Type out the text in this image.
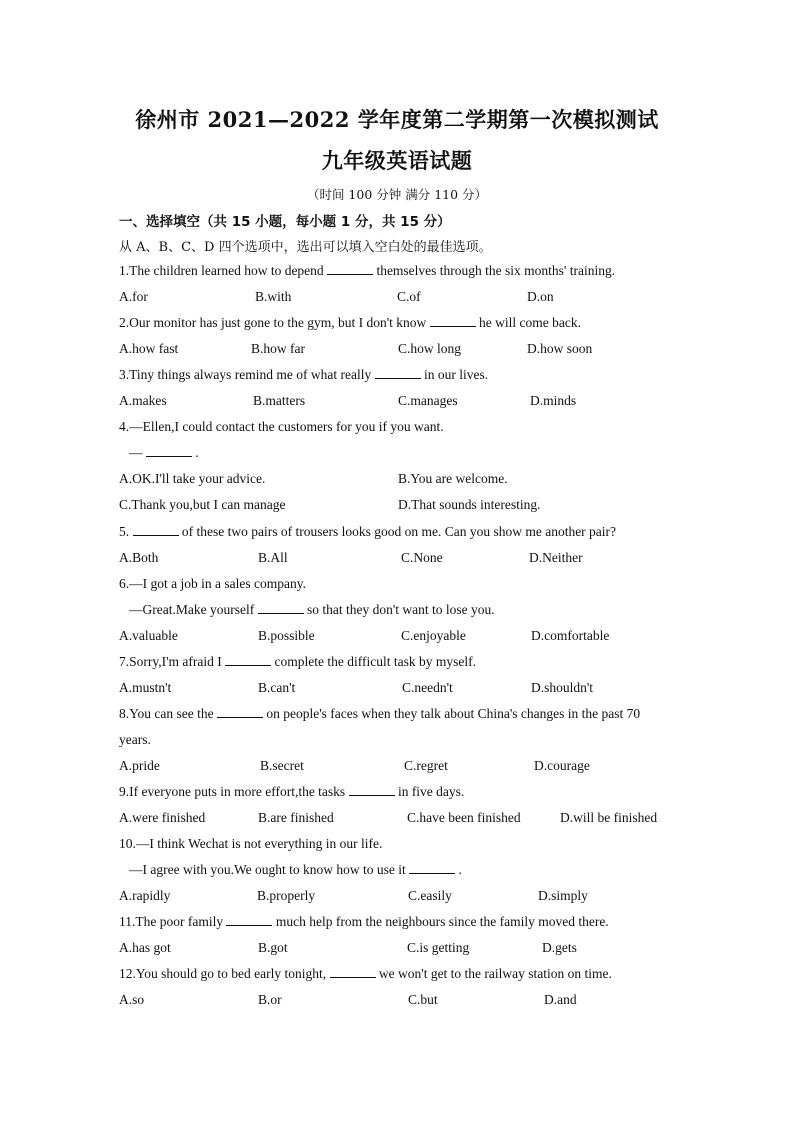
徐州市 2021—2022 学年度第二学期第一次模拟测试
九年级英语试题
（时间 100 分钟 满分 110 分）
一、选择填空（共 15 小题，每小题 1 分，共 15 分）
从 A、B、C、D 四个选项中，选出可以填入空白处的最佳选项。
1.The children learned how to depend	themselves through the six months' training.
A.for	B.with	C.of	D.on
2.Our monitor has just gone to the gym, but I don't know	he will come back.
A.how fast	B.how far	C.how long	D.how soon
3.Tiny things always remind me of what really	in our lives.
A.makes	B.matters	C.manages	D.minds
4.—Ellen,I could contact the customers for you if you want.
—	.
A.OK.I'll take your advice.	B.You are welcome.
C.Thank you,but I can manage	D.That sounds interesting.
5.	of these two pairs of trousers looks good on me. Can you show me another pair?
A.Both	B.All	C.None	D.Neither
6.—I got a job in a sales company.
—Great.Make yourself	so that they don't want to lose you.
A.valuable	B.possible	C.enjoyable	D.comfortable
7.Sorry,I'm afraid I	complete the difficult task by myself.
A.mustn't	B.can't	C.needn't	D.shouldn't
8.You can see the	on people's faces when they talk about China's changes in the past 70
years.
A.pride	B.secret	C.regret	D.courage
9.If everyone puts in more effort,the tasks	in five days.
A.were finished	B.are finished	C.have been finished	D.will be finished
10.—I think Wechat is not everything in our life.
—I agree with you.We ought to know how to use it	.
A.rapidly	B.properly	C.easily	D.simply
11.The poor family	much help from the neighbours since the family moved there.
A.has got	B.got	C.is getting	D.gets
12.You should go to bed early tonight,	we won't get to the railway station on time.
A.so	B.or	C.but	D.and
